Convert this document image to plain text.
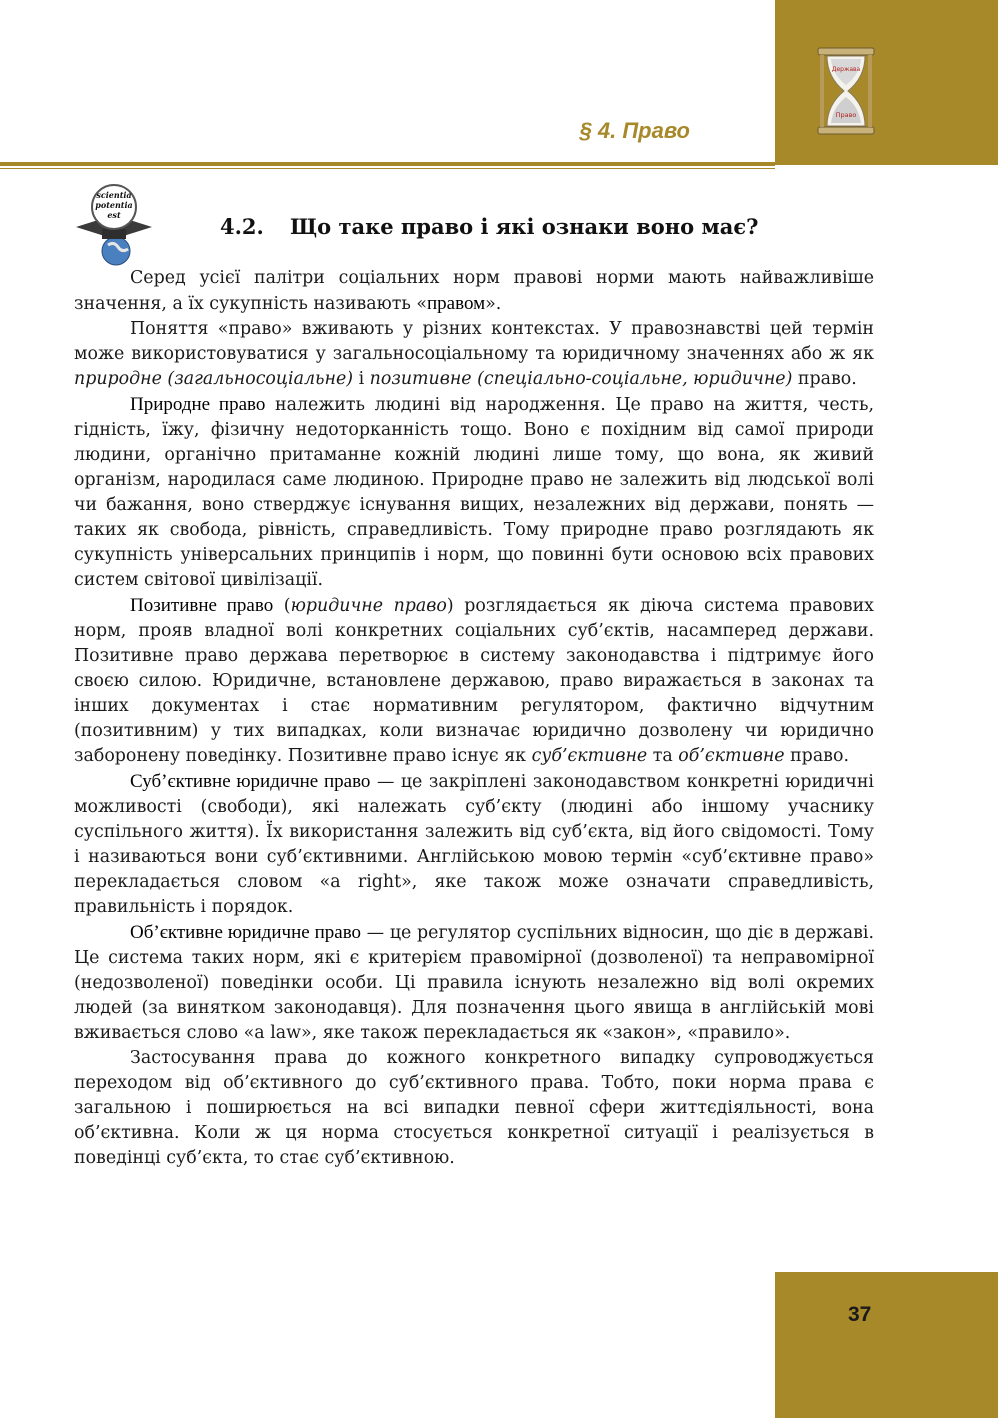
Держава
Право
§ 4. Право
scientia
potentia
est	4.2. Що таке право і які ознаки воно має?

Серед усієї палітри соціальних норм правові норми мають найважливіше значення, а їх сукупність називають «правом».

Поняття «право» вживають у різних контекстах. У правознавстві цей термін може використовуватися у загальносоціальному та юридичному значеннях або ж як природне (загальносоціальне) і позитивне (спеціально-соціальне, юридичне) право.

Природне право належить людині від народження. Це право на життя, честь, гідність, їжу, фізичну недоторканність тощо. Воно є похідним від самої природи людини, органічно притаманне кожній людині лише тому, що вона, як живий організм, народилася саме людиною. Природне право не залежить від людської волі чи бажання, воно стверджує існування вищих, незалежних від держави, понять — таких як свобода, рівність, справедливість. Тому природне право розглядають як сукупність універсальних принципів і норм, що повинні бути основою всіх правових систем світової цивілізації.

Позитивне право (юридичне право) розглядається як діюча система правових норм, прояв владної волі конкретних соціальних суб’єктів, насамперед держави. Позитивне право держава перетворює в систему законодавства і підтримує його своєю силою. Юридичне, встановлене державою, право виражається в законах та інших документах і стає нормативним регулятором, фактично відчутним (позитивним) у тих випадках, коли визначає юридично дозволену чи юридично заборонену поведінку. Позитивне право існує як суб’єктивне та об’єктивне право.

Суб’єктивне юридичне право — це закріплені законодавством конкретні юридичні можливості (свободи), які належать суб’єкту (людині або іншому учаснику суспільного життя). Їх використання залежить від суб’єкта, від його свідомості. Тому і називаються вони суб’єктивними. Англійською мовою термін «суб’єктивне право» перекладається словом «a right», яке також може означати справедливість, правильність і порядок.

Об’єктивне юридичне право — це регулятор суспільних відносин, що діє в державі. Це система таких норм, які є критерієм правомірної (дозволеної) та неправомірної (недозволеної) поведінки особи. Ці правила існують незалежно від волі окремих людей (за винятком законодавця). Для позначення цього явища в англійській мові вживається слово «a law», яке також перекладається як «закон», «правило».

Застосування права до кожного конкретного випадку супроводжується переходом від об’єктивного до суб’єктивного права. Тобто, поки норма права є загальною і поширюється на всі випадки певної сфери життєдіяльності, вона об’єктивна. Коли ж ця норма стосується конкретної ситуації і реалізується в поведінці суб’єкта, то стає суб’єктивною.

37
